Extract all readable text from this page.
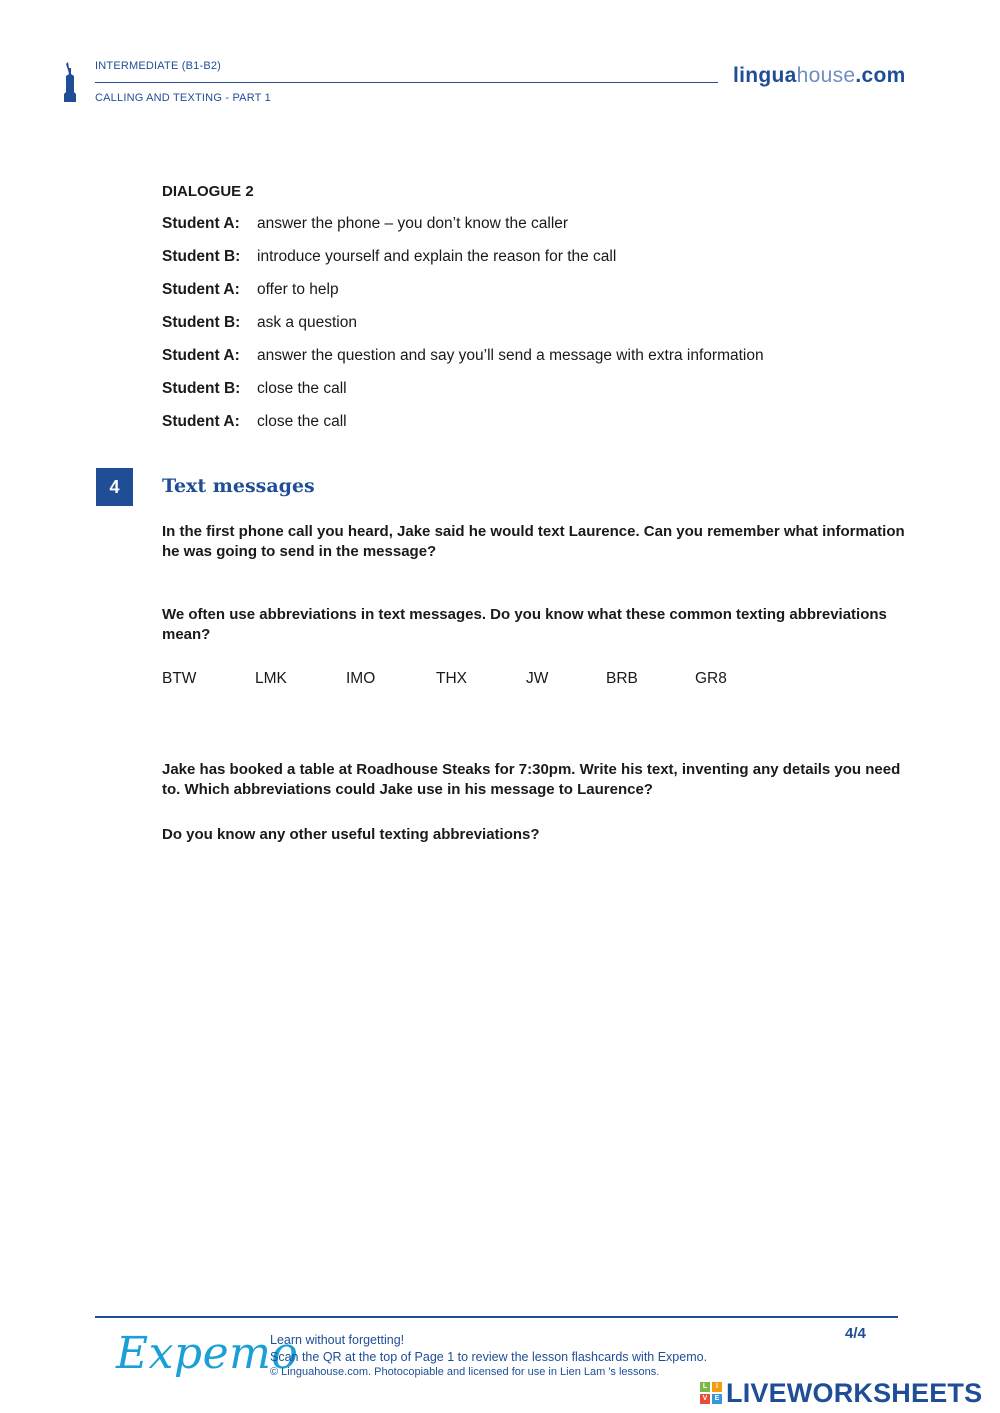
INTERMEDIATE (B1-B2)
CALLING AND TEXTING - PART 1
linguahouse.com
DIALOGUE 2
Student A: answer the phone – you don’t know the caller
Student B: introduce yourself and explain the reason for the call
Student A: offer to help
Student B: ask a question
Student A: answer the question and say you’ll send a message with extra information
Student B: close the call
Student A: close the call
4	Text messages
In the first phone call you heard, Jake said he would text Laurence. Can you remember what information he was going to send in the message?
We often use abbreviations in text messages. Do you know what these common texting abbreviations mean?
BTW	LMK	IMO	THX	JW	BRB	GR8
Jake has booked a table at Roadhouse Steaks for 7:30pm. Write his text, inventing any details you need to. Which abbreviations could Jake use in his message to Laurence?
Do you know any other useful texting abbreviations?
Expemo
Learn without forgetting!
Scan the QR at the top of Page 1 to review the lesson flashcards with Expemo.
© Linguahouse.com. Photocopiable and licensed for use in Lien Lam 's lessons.
4/4
L	I
V	E LIVEWORKSHEETS
